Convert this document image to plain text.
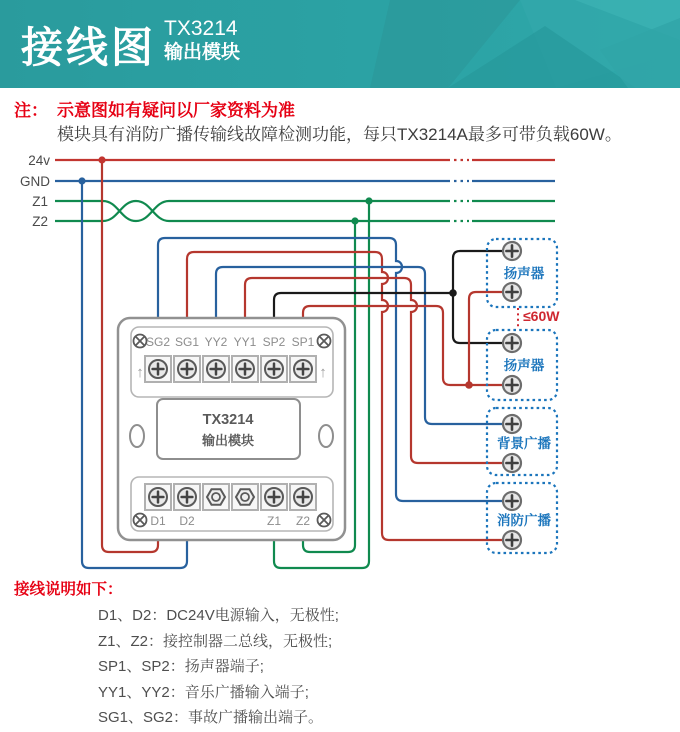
接线图 TX3214
输出模块
注： 示意图如有疑问以厂家资料为准
模块具有消防广播传输线故障检测功能，每只TX3214A最多可带负载60W。
↑	↑
SG2 SG1 YY2 YY1 SP2 SP1
TX3214
输出模块
D1 D2	Z1 Z2
扬声器
扬声器
背景广播
消防广播
≤60W
24v
GND
Z1
Z2
接线说明如下：
D1、D2：DC24V电源输入，无极性;
Z1、Z2：接控制器二总线，无极性;
SP1、SP2：扬声器端子;
YY1、YY2：音乐广播输入端子;
SG1、SG2：事故广播输出端子。
